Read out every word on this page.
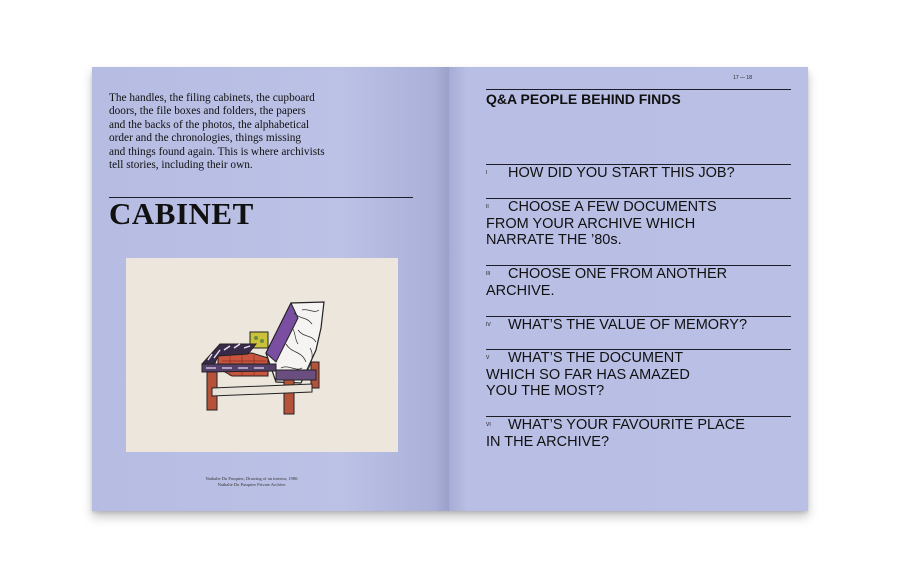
The handles, the filing cabinets, the cupboard
doors, the file boxes and folders, the papers
and the backs of the photos, the alphabetical
order and the chronologies, things missing
and things found again. This is where archivists
tell stories, including their own.
CABINET
Nathalie Du Pasquier, Drawing of an interior, 1980.
Nathalie Du Pasquier Private Archive.
17 — 18
Q&A PEOPLE BEHIND FINDS
I HOW DID YOU START THIS JOB?
II CHOOSE A FEW DOCUMENTS
FROM YOUR ARCHIVE WHICH
NARRATE THE ’80s.
III CHOOSE ONE FROM ANOTHER
ARCHIVE.
IV WHAT’S THE VALUE OF MEMORY?
V WHAT’S THE DOCUMENT
WHICH SO FAR HAS AMAZED
YOU THE MOST?
VI WHAT’S YOUR FAVOURITE PLACE
IN THE ARCHIVE?
